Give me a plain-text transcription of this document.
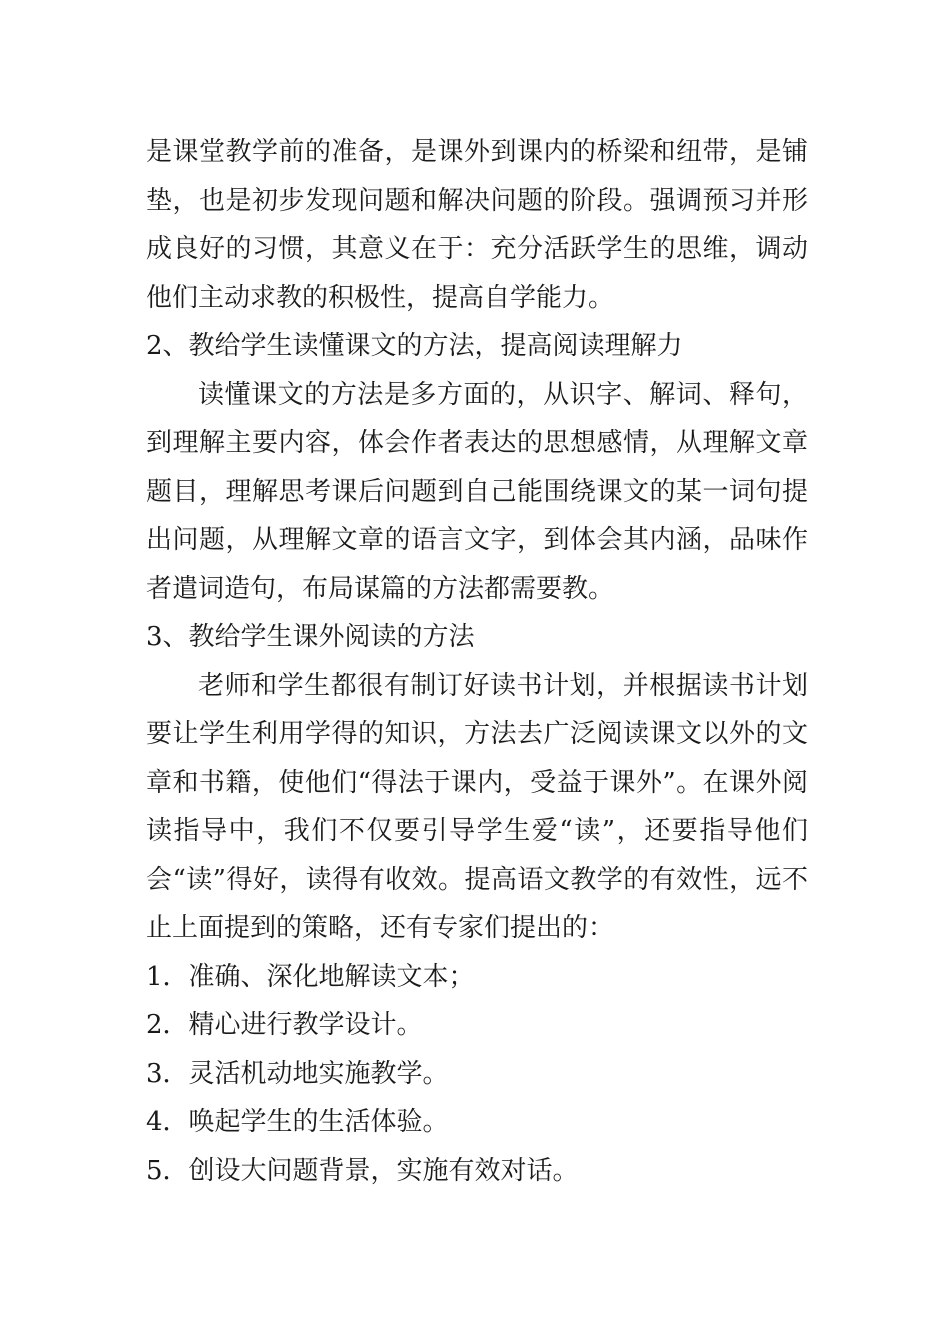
是课堂教学前的准备，是课外到课内的桥梁和纽带，是铺垫，也是初步发现问题和解决问题的阶段。强调预习并形成良好的习惯，其意义在于：充分活跃学生的思维，调动他们主动求教的积极性，提高自学能力。

2、教给学生读懂课文的方法，提高阅读理解力

读懂课文的方法是多方面的，从识字、解词、释句，到理解主要内容，体会作者表达的思想感情，从理解文章题目，理解思考课后问题到自己能围绕课文的某一词句提出问题，从理解文章的语言文字，到体会其内涵，品味作者遣词造句，布局谋篇的方法都需要教。

3、教给学生课外阅读的方法

老师和学生都很有制订好读书计划，并根据读书计划要让学生利用学得的知识，方法去广泛阅读课文以外的文章和书籍，使他们“得法于课内，受益于课外”。在课外阅读指导中，我们不仅要引导学生爱“读”，还要指导他们会“读”得好，读得有收效。提高语文教学的有效性，远不止上面提到的策略，还有专家们提出的：

1．准确、深化地解读文本；

2．精心进行教学设计。

3．灵活机动地实施教学。

4．唤起学生的生活体验。

5．创设大问题背景，实施有效对话。
